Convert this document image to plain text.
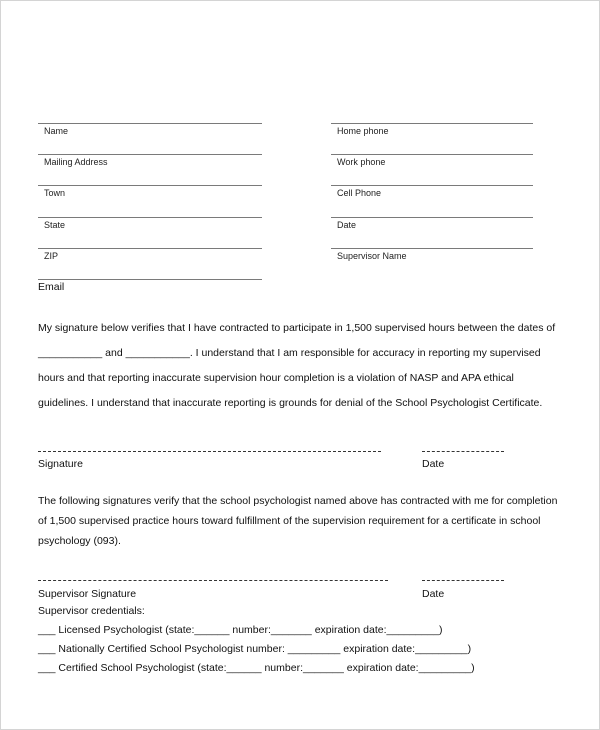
Name
Mailing Address
Town
State
ZIP
Home phone
Work phone
Cell Phone
Date
Supervisor Name
Email
My signature below verifies that I have contracted to participate in 1,500 supervised hours between the dates of
___________ and ___________. I understand that I am responsible for accuracy in reporting my supervised
hours and that reporting inaccurate supervision hour completion is a violation of NASP and APA ethical
guidelines. I understand that inaccurate reporting is grounds for denial of the School Psychologist Certificate.
Signature	Date
The following signatures verify that the school psychologist named above has contracted with me for completion
of 1,500 supervised practice hours toward fulfillment of the supervision requirement for a certificate in school
psychology (093).
Supervisor Signature	Date
Supervisor credentials:
___ Licensed Psychologist (state:______ number:_______ expiration date:_________)
___ Nationally Certified School Psychologist number: _________ expiration date:_________)
___ Certified School Psychologist (state:______ number:_______ expiration date:_________)
